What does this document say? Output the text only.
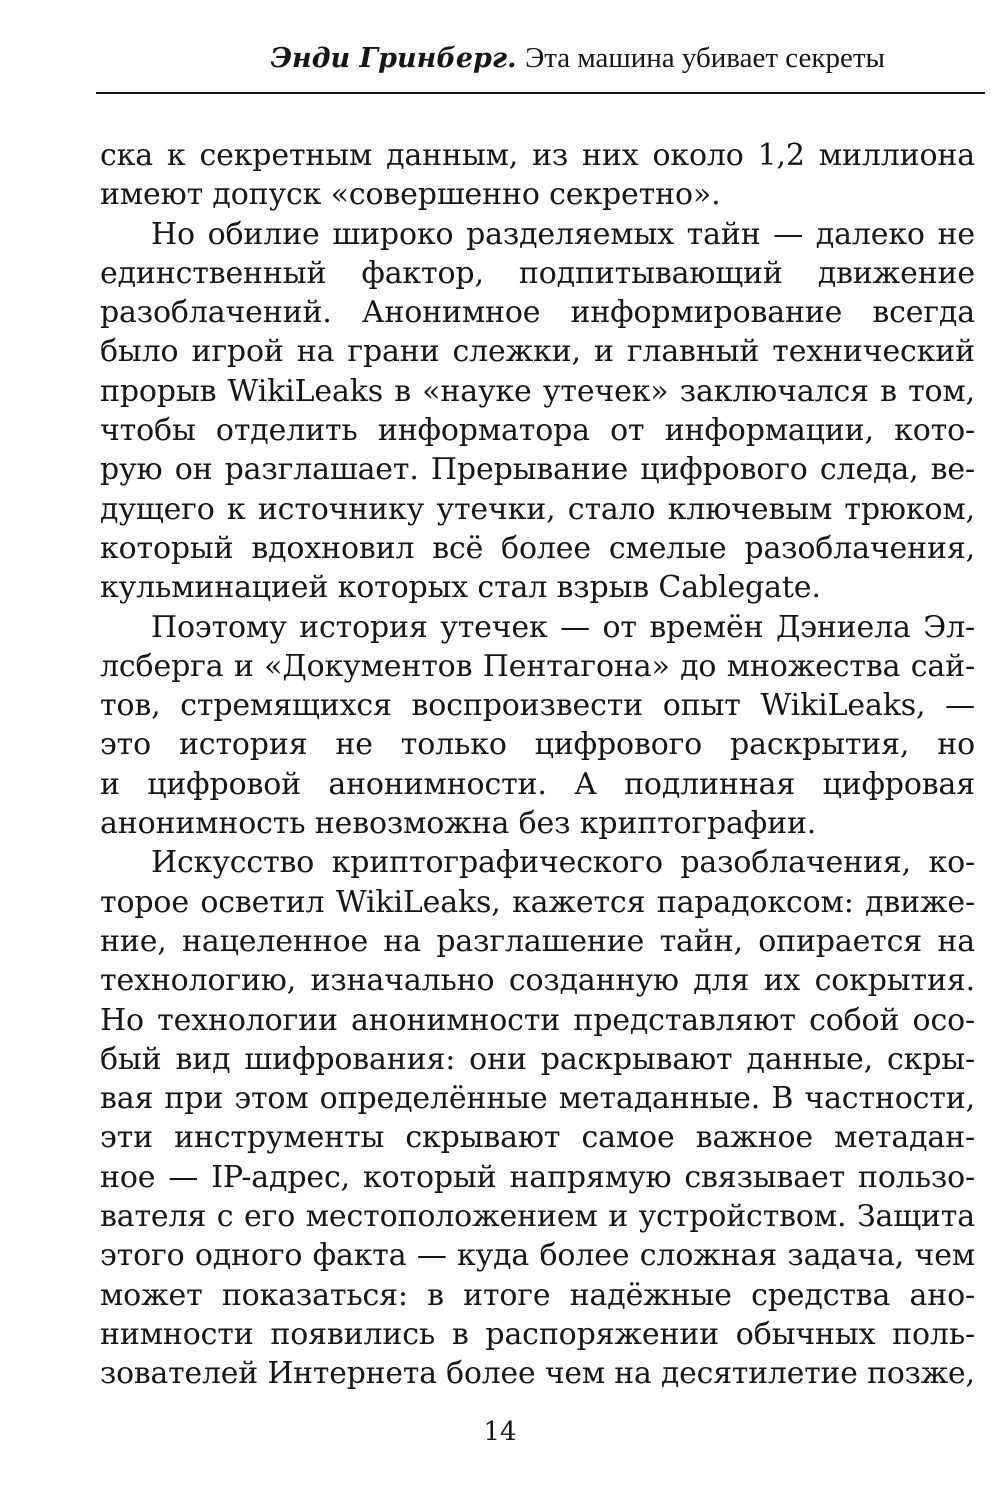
Энди Гринберг. Эта машина убивает секреты
ска к секретным данным, из них около 1,2 миллиона
имеют допуск «совершенно секретно».
Но обилие широко разделяемых тайн — далеко не
единственный фактор, подпитывающий движение
разоблачений. Анонимное информирование всегда
было игрой на грани слежки, и главный технический
прорыв WikiLeaks в «науке утечек» заключался в том,
чтобы отделить информатора от информации, кото-
рую он разглашает. Прерывание цифрового следа, ве-
дущего к источнику утечки, стало ключевым трюком,
который вдохновил всё более смелые разоблачения,
кульминацией которых стал взрыв Cablegate.
Поэтому история утечек — от времён Дэниела Эл-
лсберга и «Документов Пентагона» до множества сай-
тов, стремящихся воспроизвести опыт WikiLeaks, —
это история не только цифрового раскрытия, но
и цифровой анонимности. А подлинная цифровая
анонимность невозможна без криптографии.
Искусство криптографического разоблачения, ко-
торое осветил WikiLeaks, кажется парадоксом: движе-
ние, нацеленное на разглашение тайн, опирается на
технологию, изначально созданную для их сокрытия.
Но технологии анонимности представляют собой осо-
бый вид шифрования: они раскрывают данные, скры-
вая при этом определённые метаданные. В частности,
эти инструменты скрывают самое важное метадан-
ное — IP-адрес, который напрямую связывает пользо-
вателя с его местоположением и устройством. Защита
этого одного факта — куда более сложная задача, чем
может показаться: в итоге надёжные средства ано-
нимности появились в распоряжении обычных поль-
зователей Интернета более чем на десятилетие позже,
14
